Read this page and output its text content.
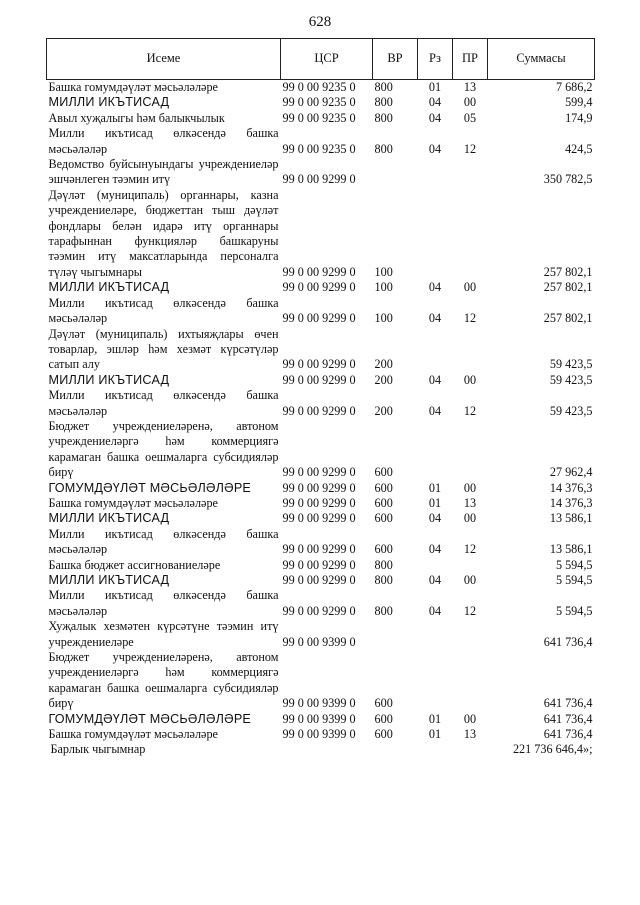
628
Исеме	ЦСР	ВР	Рз	ПР	Суммасы
Башка гомумдәүләт мәсьәләләре	99 0 00 9235 0	800	01	13	7 686,2
МИЛЛИ ИКЪТИСАД	99 0 00 9235 0	800	04	00	599,4
Авыл хуҗалыгы һәм балыкчылык	99 0 00 9235 0	800	04	05	174,9
Милли икътисад өлкәсендә башка мәсьәләләр	99 0 00 9235 0	800	04	12	424,5
Ведомство буйсынуындагы учреждениеләр эшчәнлеген тәэмин итү	99 0 00 9299 0				350 782,5
Дәүләт (муниципаль) органнары, казна учреждениеләре, бюджеттан тыш дәүләт фондлары белән идарә итү органнары тарафыннан функцияләр башкаруны тәэмин итү максатларында персоналга түләү чыгымнары	99 0 00 9299 0	100			257 802,1
МИЛЛИ ИКЪТИСАД	99 0 00 9299 0	100	04	00	257 802,1
Милли икътисад өлкәсендә башка мәсьәләләр	99 0 00 9299 0	100	04	12	257 802,1
Дәүләт (муниципаль) ихтыяҗлары өчен товарлар, эшләр һәм хезмәт күрсәтүләр сатып алу	99 0 00 9299 0	200			59 423,5
МИЛЛИ ИКЪТИСАД	99 0 00 9299 0	200	04	00	59 423,5
Милли икътисад өлкәсендә башка мәсьәләләр	99 0 00 9299 0	200	04	12	59 423,5
Бюджет учреждениеләренә, автоном учреждениеләргә һәм коммерциягә карамаган башка оешмаларга субсидияләр бирү	99 0 00 9299 0	600			27 962,4
ГОМУМДӘҮЛӘТ МӘСЬӘЛӘЛӘРЕ	99 0 00 9299 0	600	01	00	14 376,3
Башка гомумдәүләт мәсьәләләре	99 0 00 9299 0	600	01	13	14 376,3
МИЛЛИ ИКЪТИСАД	99 0 00 9299 0	600	04	00	13 586,1
Милли икътисад өлкәсендә башка мәсьәләләр	99 0 00 9299 0	600	04	12	13 586,1
Башка бюджет ассигнованиеләре	99 0 00 9299 0	800			5 594,5
МИЛЛИ ИКЪТИСАД	99 0 00 9299 0	800	04	00	5 594,5
Милли икътисад өлкәсендә башка мәсьәләләр	99 0 00 9299 0	800	04	12	5 594,5
Хуҗалык хезмәтен күрсәтүне тәэмин итү учреждениеләре	99 0 00 9399 0				641 736,4
Бюджет учреждениеләренә, автоном учреждениеләргә һәм коммерциягә карамаган башка оешмаларга субсидияләр бирү	99 0 00 9399 0	600			641 736,4
ГОМУМДӘҮЛӘТ МӘСЬӘЛӘЛӘРЕ	99 0 00 9399 0	600	01	00	641 736,4
Башка гомумдәүләт мәсьәләләре	99 0 00 9399 0	600	01	13	641 736,4
Барлык чыгымнар					221 736 646,4»;
